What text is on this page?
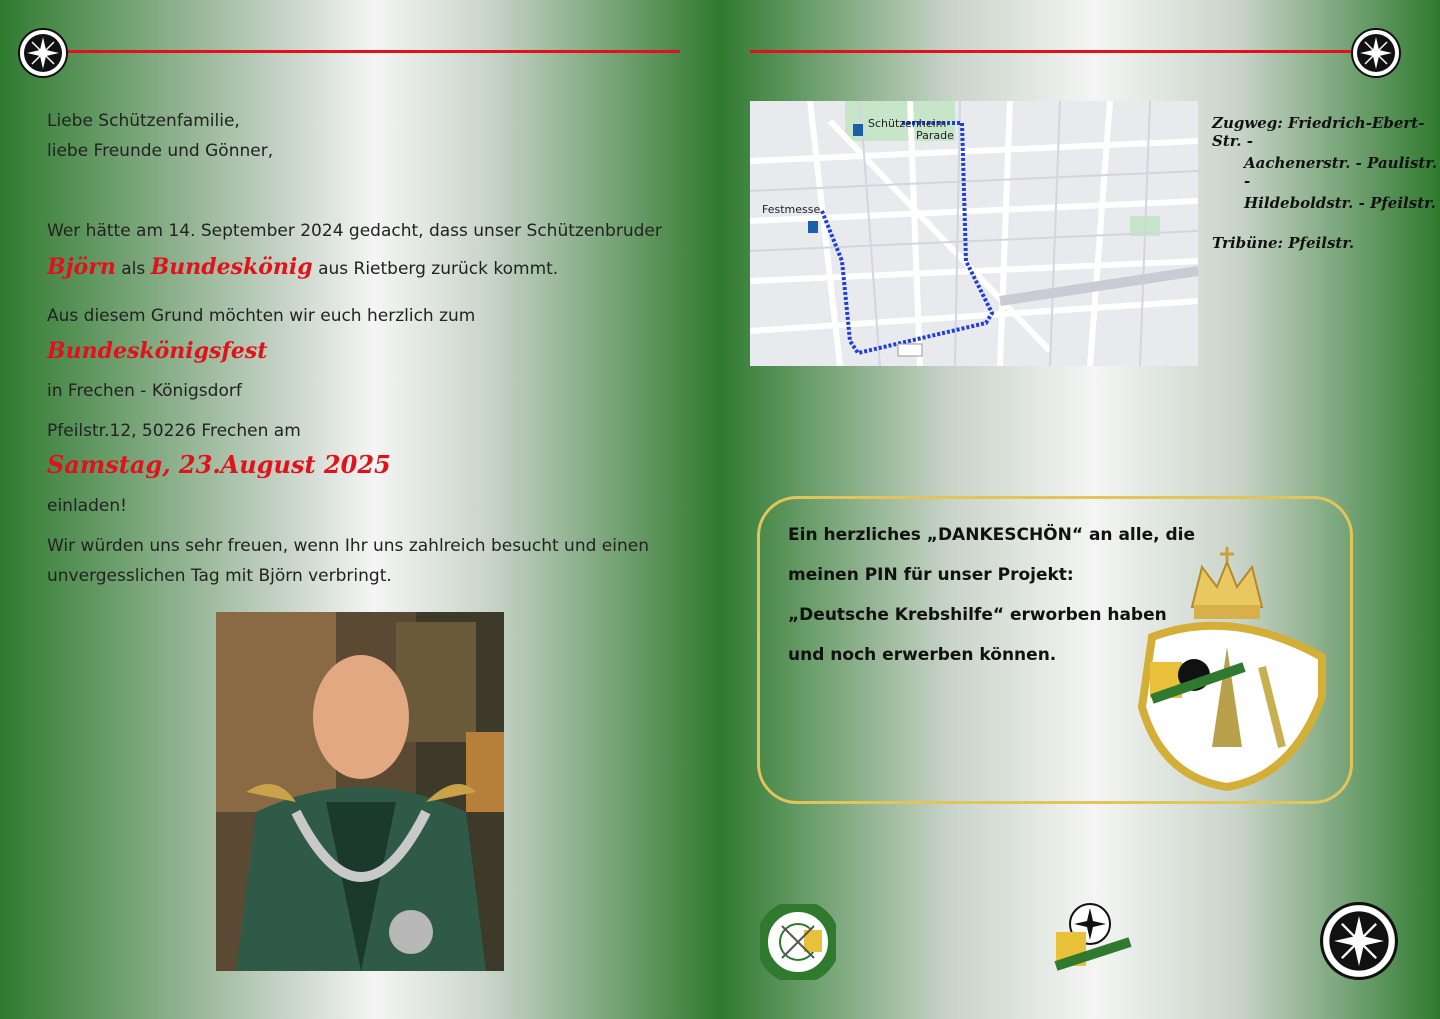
Liebe Schützenfamilie,
liebe Freunde und Gönner,
Wer hätte am 14. September 2024 gedacht, dass unser Schützenbruder
Björn als Bundeskönig aus Rietberg zurück kommt.
Aus diesem Grund möchten wir euch herzlich zum
Bundeskönigsfest
in Frechen - Königsdorf
Pfeilstr.12, 50226 Frechen am
Samstag, 23.August 2025
einladen!
Wir würden uns sehr freuen, wenn Ihr uns zahlreich besucht und einen
unvergesslichen Tag mit Björn verbringt.
Schützenheim
Parade
Festmesse
Zugweg: Friedrich-Ebert-Str. -
Aachenerstr. - Paulistr. -
Hildeboldstr. - Pfeilstr.
Tribüne: Pfeilstr.
Ein herzliches „DANKESCHÖN“ an alle, die
meinen PIN für unser Projekt:
„Deutsche Krebshilfe“ erworben haben
und noch erwerben können.
